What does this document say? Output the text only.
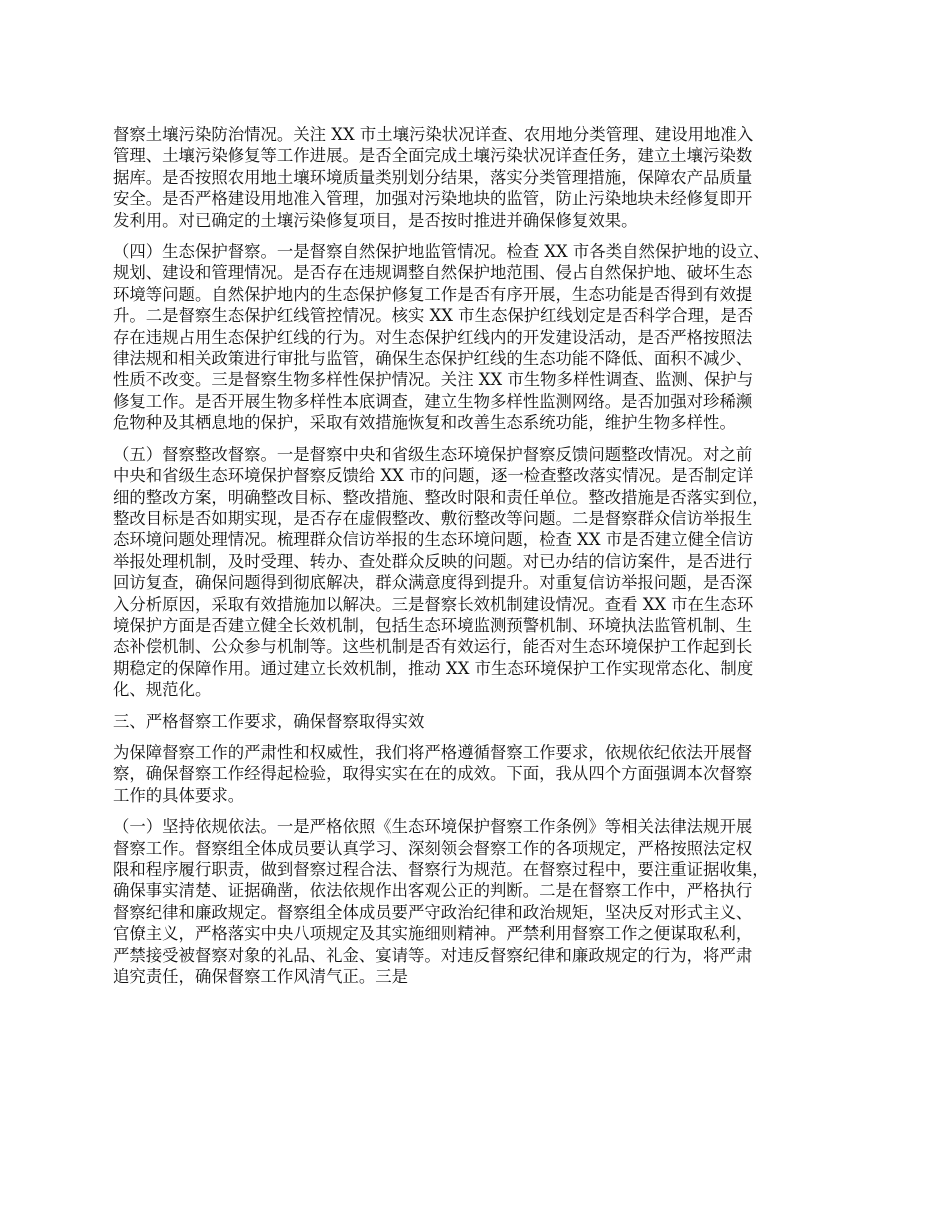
督察土壤污染防治情况。关注 XX 市土壤污染状况详查、农用地分类管理、建设用地准入
管理、土壤污染修复等工作进展。是否全面完成土壤污染状况详查任务，建立土壤污染数
据库。是否按照农用地土壤环境质量类别划分结果，落实分类管理措施，保障农产品质量
安全。是否严格建设用地准入管理，加强对污染地块的监管，防止污染地块未经修复即开
发利用。对已确定的土壤污染修复项目，是否按时推进并确保修复效果。
（四）生态保护督察。一是督察自然保护地监管情况。检查 XX 市各类自然保护地的设立、
规划、建设和管理情况。是否存在违规调整自然保护地范围、侵占自然保护地、破坏生态
环境等问题。自然保护地内的生态保护修复工作是否有序开展，生态功能是否得到有效提
升。二是督察生态保护红线管控情况。核实 XX 市生态保护红线划定是否科学合理，是否
存在违规占用生态保护红线的行为。对生态保护红线内的开发建设活动，是否严格按照法
律法规和相关政策进行审批与监管，确保生态保护红线的生态功能不降低、面积不减少、
性质不改变。三是督察生物多样性保护情况。关注 XX 市生物多样性调查、监测、保护与
修复工作。是否开展生物多样性本底调查，建立生物多样性监测网络。是否加强对珍稀濒
危物种及其栖息地的保护，采取有效措施恢复和改善生态系统功能，维护生物多样性。
（五）督察整改督察。一是督察中央和省级生态环境保护督察反馈问题整改情况。对之前
中央和省级生态环境保护督察反馈给 XX 市的问题，逐一检查整改落实情况。是否制定详
细的整改方案，明确整改目标、整改措施、整改时限和责任单位。整改措施是否落实到位，
整改目标是否如期实现，是否存在虚假整改、敷衍整改等问题。二是督察群众信访举报生
态环境问题处理情况。梳理群众信访举报的生态环境问题，检查 XX 市是否建立健全信访
举报处理机制，及时受理、转办、查处群众反映的问题。对已办结的信访案件，是否进行
回访复查，确保问题得到彻底解决，群众满意度得到提升。对重复信访举报问题，是否深
入分析原因，采取有效措施加以解决。三是督察长效机制建设情况。查看 XX 市在生态环
境保护方面是否建立健全长效机制，包括生态环境监测预警机制、环境执法监管机制、生
态补偿机制、公众参与机制等。这些机制是否有效运行，能否对生态环境保护工作起到长
期稳定的保障作用。通过建立长效机制，推动 XX 市生态环境保护工作实现常态化、制度
化、规范化。
三、严格督察工作要求，确保督察取得实效
为保障督察工作的严肃性和权威性，我们将严格遵循督察工作要求，依规依纪依法开展督
察，确保督察工作经得起检验，取得实实在在的成效。下面，我从四个方面强调本次督察
工作的具体要求。
（一）坚持依规依法。一是严格依照《生态环境保护督察工作条例》等相关法律法规开展
督察工作。督察组全体成员要认真学习、深刻领会督察工作的各项规定，严格按照法定权
限和程序履行职责，做到督察过程合法、督察行为规范。在督察过程中，要注重证据收集，
确保事实清楚、证据确凿，依法依规作出客观公正的判断。二是在督察工作中，严格执行
督察纪律和廉政规定。督察组全体成员要严守政治纪律和政治规矩，坚决反对形式主义、
官僚主义，严格落实中央八项规定及其实施细则精神。严禁利用督察工作之便谋取私利，
严禁接受被督察对象的礼品、礼金、宴请等。对违反督察纪律和廉政规定的行为，将严肃
追究责任，确保督察工作风清气正。三是
